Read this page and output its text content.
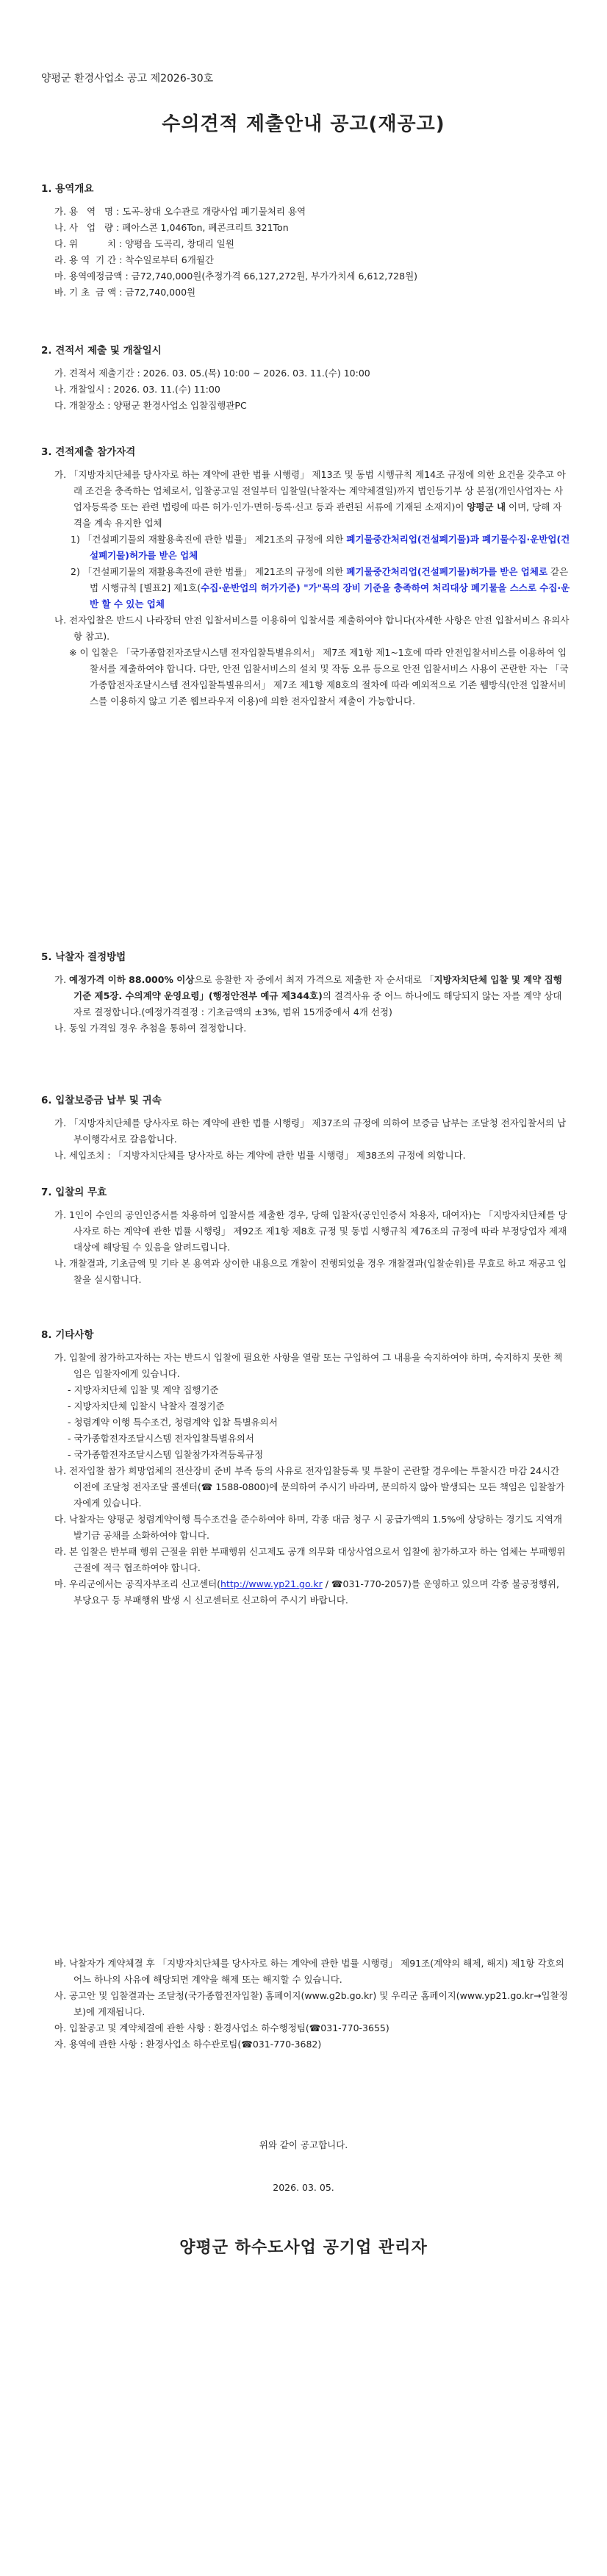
양평군 환경사업소 공고 제2026-30호
수의견적 제출안내 공고(재공고)
1. 용역개요
가. 용   역   명 : 도곡-창대 오수관로 개량사업 폐기물처리 용역
나. 사   업   량 : 폐아스콘 1,046Ton, 폐콘크리트 321Ton
다. 위          치 : 양평읍 도곡리, 창대리 일원
라. 용 역  기 간 : 착수일로부터 6개월간
마. 용역예정금액 : 금72,740,000원(추정가격 66,127,272원, 부가가치세 6,612,728원)
바. 기 초  금 액 : 금72,740,000원
2. 견적서 제출 및 개찰일시
가. 견적서 제출기간 : 2026. 03. 05.(목) 10:00 ~ 2026. 03. 11.(수) 10:00
나. 개찰일시 : 2026. 03. 11.(수) 11:00
다. 개찰장소 : 양평군 환경사업소 입찰집행관PC
3. 견적제출 참가자격
가. 「지방자치단체를 당사자로 하는 계약에 관한 법률 시행령」 제13조 및 동법 시행규칙 제14조 규정에 의한 요건을 갖추고 아래 조건을 충족하는 업체로서, 입찰공고일 전일부터 입찰일(낙찰자는 계약체결일)까지 법인등기부 상 본점(개인사업자는 사업자등록증 또는 관련 법령에 따른 허가·인가·면허·등록·신고 등과 관련된 서류에 기재된 소재지)이 양평군 내 이며, 당해 자격을 계속 유지한 업체
1) 「건설폐기물의 재활용촉진에 관한 법률」 제21조의 규정에 의한 폐기물중간처리업(건설폐기물)과 폐기물수집·운반업(건설폐기물)허가를 받은 업체
2) 「건설폐기물의 재활용촉진에 관한 법률」 제21조의 규정에 의한 폐기물중간처리업(건설폐기물)허가를 받은 업체로 같은 법 시행규칙 [별표2] 제1호(수집·운반업의 허가기준) "가"목의 장비 기준을 충족하여 처리대상 폐기물을 스스로 수집·운반 할 수 있는 업체
나. 전자입찰은 반드시 나라장터 안전 입찰서비스를 이용하여 입찰서를 제출하여야 합니다(자세한 사항은 안전 입찰서비스 유의사항 참고).
※ 이 입찰은 「국가종합전자조달시스템 전자입찰특별유의서」 제7조 제1항 제1~1호에 따라 안전입찰서비스를 이용하여 입찰서를 제출하여야 합니다. 다만, 안전 입찰서비스의 설치 및 작동 오류 등으로 안전 입찰서비스 사용이 곤란한 자는 「국가종합전자조달시스템 전자입찰특별유의서」 제7조 제1항 제8호의 절차에 따라 예외적으로 기존 웹방식(안전 입찰서비스를 이용하지 않고 기존 웹브라우저 이용)에 의한 전자입찰서 제출이 가능합니다.
5. 낙찰자 결정방법
가. 예정가격 이하 88.000% 이상으로 응찰한 자 중에서 최저 가격으로 제출한 자 순서대로 「지방자치단체 입찰 및 계약 집행기준 제5장. 수의계약 운영요령」(행정안전부 예규 제344호)의 결격사유 중 어느 하나에도 해당되지 않는 자를 계약 상대자로 결정합니다.(예정가격결정 : 기초금액의 ±3%, 범위 15개중에서 4개 선정)
나. 동일 가격일 경우 추첨을 통하여 결정합니다.
6. 입찰보증금 납부 및 귀속
가. 「지방자치단체를 당사자로 하는 계약에 관한 법률 시행령」 제37조의 규정에 의하여 보증금 납부는 조달청 전자입찰서의 납부이행각서로 갈음합니다.
나. 세입조치 : 「지방자치단체를 당사자로 하는 계약에 관한 법률 시행령」 제38조의 규정에 의합니다.
7. 입찰의 무효
가. 1인이 수인의 공인인증서를 차용하여 입찰서를 제출한 경우, 당해 입찰자(공인인증서 차용자, 대여자)는 「지방자치단체를 당사자로 하는 계약에 관한 법률 시행령」 제92조 제1항 제8호 규정 및 동법 시행규칙 제76조의 규정에 따라 부정당업자 제재대상에 해당될 수 있음을 알려드립니다.
나. 개찰결과, 기초금액 및 기타 본 용역과 상이한 내용으로 개찰이 진행되었을 경우 개찰결과(입찰순위)를 무효로 하고 재공고 입찰을 실시합니다.
8. 기타사항
가. 입찰에 참가하고자하는 자는 반드시 입찰에 필요한 사항을 열람 또는 구입하여 그 내용을 숙지하여야 하며, 숙지하지 못한 책임은 입찰자에게 있습니다.
- 지방자치단체 입찰 및 계약 집행기준
- 지방자치단체 입찰시 낙찰자 결정기준
- 청렴계약 이행 특수조건, 청렴계약 입찰 특별유의서
- 국가종합전자조달시스템 전자입찰특별유의서
- 국가종합전자조달시스템 입찰참가자격등록규정
나. 전자입찰 참가 희망업체의 전산장비 준비 부족 등의 사유로 전자입찰등록 및 투찰이 곤란할 경우에는 투찰시간 마감 24시간 이전에 조달청 전자조달 콜센터(☎ 1588-0800)에 문의하여 주시기 바라며, 문의하지 않아 발생되는 모든 책임은 입찰참가자에게 있습니다.
다. 낙찰자는 양평군 청렴계약이행 특수조건을 준수하여야 하며, 각종 대금 청구 시 공급가액의 1.5%에 상당하는 경기도 지역개발기금 공채를 소화하여야 합니다.
라. 본 입찰은 반부패 행위 근절을 위한 부패행위 신고제도 공개 의무화 대상사업으로서 입찰에 참가하고자 하는 업체는 부패행위 근절에 적극 협조하여야 합니다.
마. 우리군에서는 공직자부조리 신고센터(http://www.yp21.go.kr / ☎031-770-2057)를 운영하고 있으며 각종 불공정행위, 부당요구 등 부패행위 발생 시 신고센터로 신고하여 주시기 바랍니다.
바. 낙찰자가 계약체결 후 「지방자치단체를 당사자로 하는 계약에 관한 법률 시행령」 제91조(계약의 해제, 해지) 제1항 각호의 어느 하나의 사유에 해당되면 계약을 해제 또는 해지할 수 있습니다.
사. 공고안 및 입찰결과는 조달청(국가종합전자입찰) 홈페이지(www.g2b.go.kr) 및 우리군 홈페이지(www.yp21.go.kr→입찰정보)에 게재됩니다.
아. 입찰공고 및 계약체결에 관한 사항 : 환경사업소 하수행정팀(☎031-770-3655)
자. 용역에 관한 사항 : 환경사업소 하수관로팀(☎031-770-3682)
위와 같이 공고합니다.
2026. 03. 05.
양평군 하수도사업 공기업 관리자
